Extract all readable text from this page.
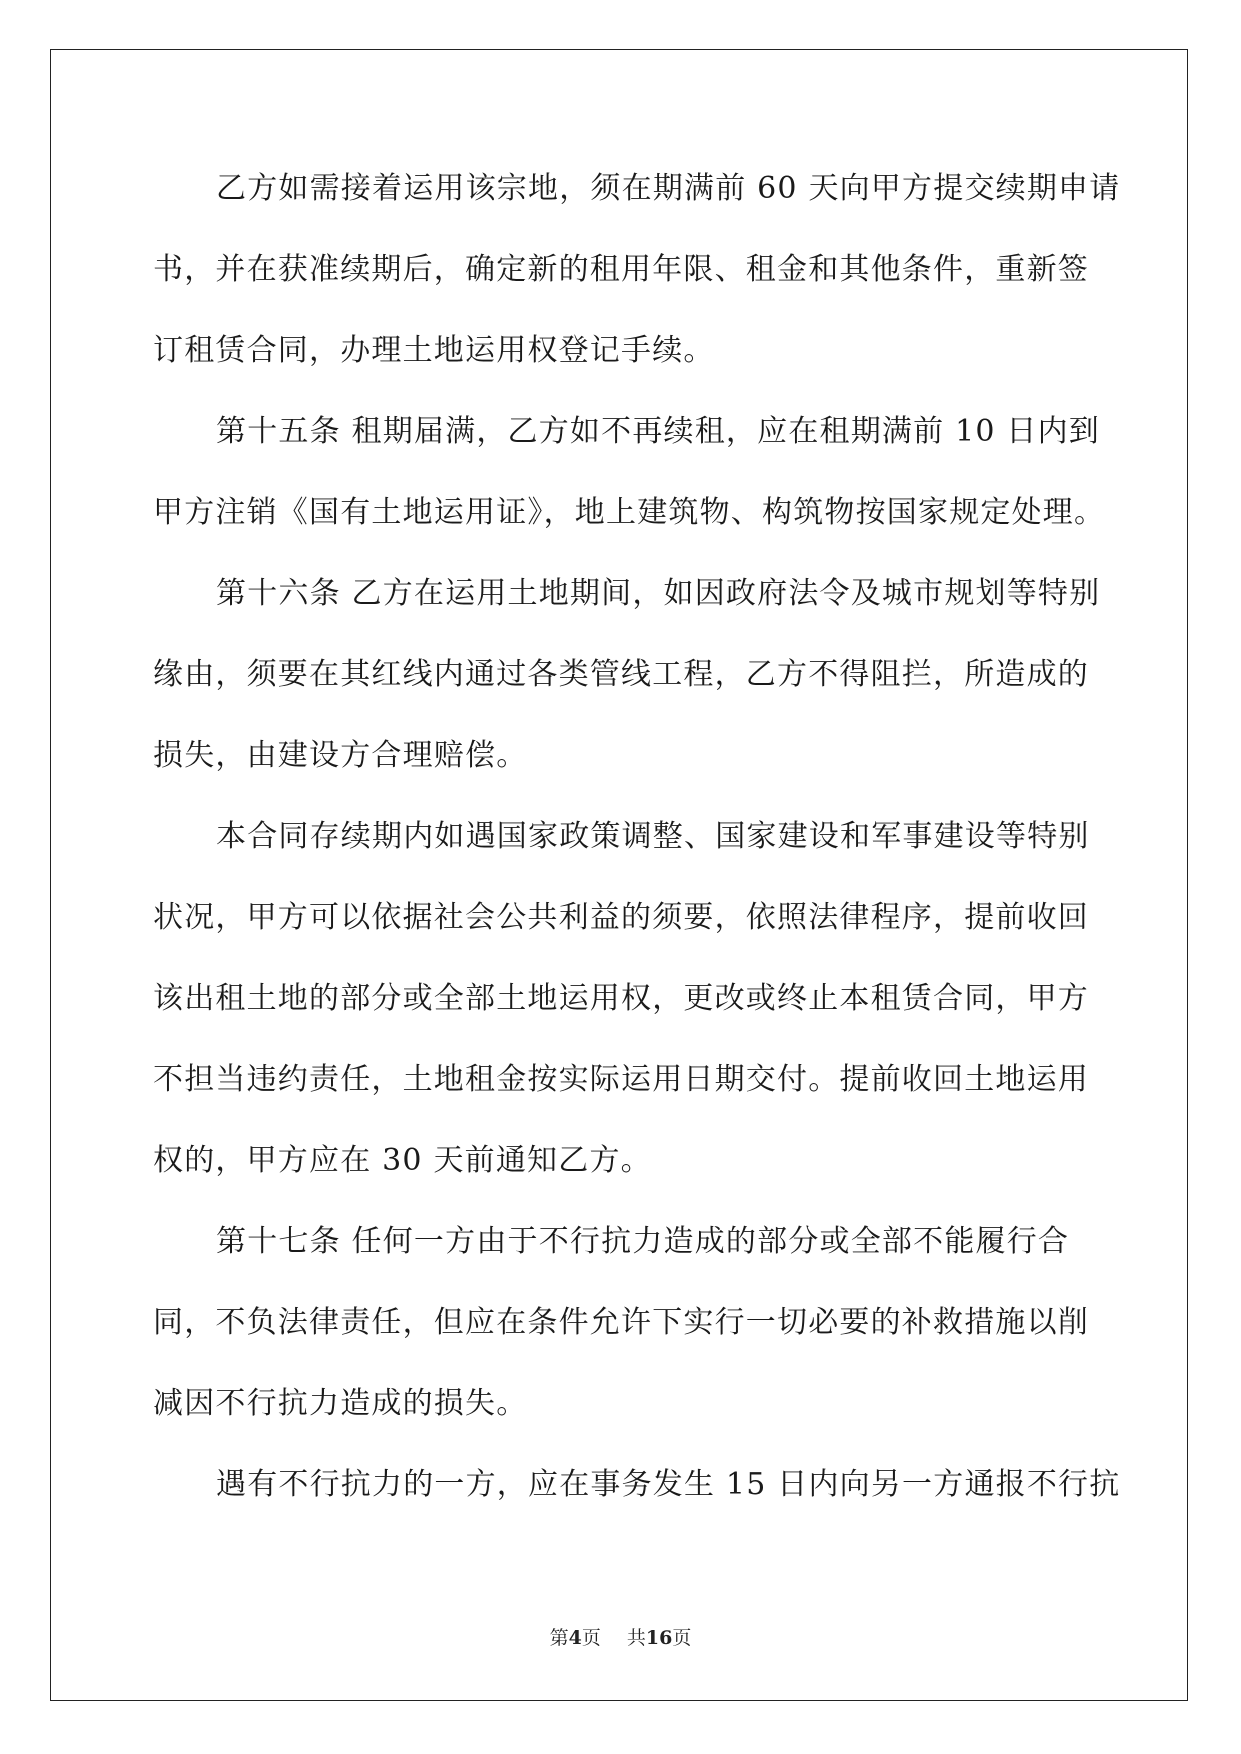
乙方如需接着运用该宗地，须在期满前 60 天向甲方提交续期申请
书，并在获准续期后，确定新的租用年限、租金和其他条件，重新签
订租赁合同，办理土地运用权登记手续。
第十五条 租期届满，乙方如不再续租，应在租期满前 10 日内到
甲方注销《国有土地运用证》，地上建筑物、构筑物按国家规定处理。
第十六条 乙方在运用土地期间，如因政府法令及城市规划等特别
缘由，须要在其红线内通过各类管线工程，乙方不得阻拦，所造成的
损失，由建设方合理赔偿。
本合同存续期内如遇国家政策调整、国家建设和军事建设等特别
状况，甲方可以依据社会公共利益的须要，依照法律程序，提前收回
该出租土地的部分或全部土地运用权，更改或终止本租赁合同，甲方
不担当违约责任，土地租金按实际运用日期交付。提前收回土地运用
权的，甲方应在 30 天前通知乙方。
第十七条 任何一方由于不行抗力造成的部分或全部不能履行合
同，不负法律责任，但应在条件允许下实行一切必要的补救措施以削
减因不行抗力造成的损失。
遇有不行抗力的一方，应在事务发生 15 日内向另一方通报不行抗
第4页 共16页
